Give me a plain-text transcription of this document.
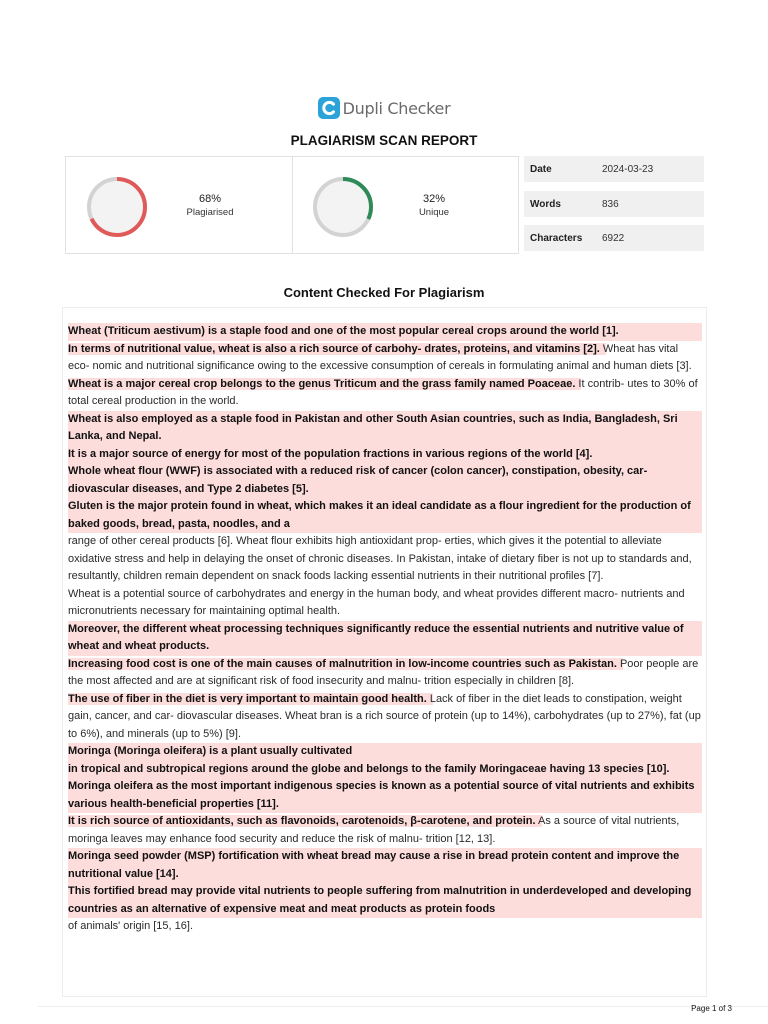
Dupli Checker
PLAGIARISM SCAN REPORT
68%
Plagiarised
32%
Unique
Date	2024-03-23
Words	836
Characters	6922
Content Checked For Plagiarism
Wheat (Triticum aestivum) is a staple food and one of the most popular cereal crops around the world [1].
In terms of nutritional value, wheat is also a rich source of carbohy- drates, proteins, and vitamins [2]. Wheat has vital eco- nomic and nutritional significance owing to the excessive consumption of cereals in formulating animal and human diets [3].
Wheat is a major cereal crop belongs to the genus Triticum and the grass family named Poaceae. It contrib- utes to 30% of total cereal production in the world.
Wheat is also employed as a staple food in Pakistan and other South Asian countries, such as India, Bangladesh, Sri Lanka, and Nepal.
It is a major source of energy for most of the population fractions in various regions of the world [4].
Whole wheat flour (WWF) is associated with a reduced risk of cancer (colon cancer), constipation, obesity, car- diovascular diseases, and Type 2 diabetes [5].
Gluten is the major protein found in wheat, which makes it an ideal candidate as a flour ingredient for the production of baked goods, bread, pasta, noodles, and a
range of other cereal products [6]. Wheat flour exhibits high antioxidant prop- erties, which gives it the potential to alleviate oxidative stress and help in delaying the onset of chronic diseases. In Pakistan, intake of dietary fiber is not up to standards and, resultantly, children remain dependent on snack foods lacking essential nutrients in their nutritional profiles [7].
Wheat is a potential source of carbohydrates and energy in the human body, and wheat provides different macro- nutrients and micronutrients necessary for maintaining optimal health.
Moreover, the different wheat processing techniques significantly reduce the essential nutrients and nutritive value of wheat and wheat products.
Increasing food cost is one of the main causes of malnutrition in low-income countries such as Pakistan. Poor people are the most affected and are at significant risk of food insecurity and malnu- trition especially in children [8].
The use of fiber in the diet is very important to maintain good health. Lack of fiber in the diet leads to constipation, weight gain, cancer, and car- diovascular diseases. Wheat bran is a rich source of protein (up to 14%), carbohydrates (up to 27%), fat (up to 6%), and minerals (up to 5%) [9].
Moringa (Moringa oleifera) is a plant usually cultivated
in tropical and subtropical regions around the globe and belongs to the family Moringaceae having 13 species [10].
Moringa oleifera as the most important indigenous species is known as a potential source of vital nutrients and exhibits various health-beneficial properties [11].
It is rich source of antioxidants, such as flavonoids, carotenoids, β-carotene, and protein. As a source of vital nutrients, moringa leaves may enhance food security and reduce the risk of malnu- trition [12, 13].
Moringa seed powder (MSP) fortification with wheat bread may cause a rise in bread protein content and improve the nutritional value [14].
This fortified bread may provide vital nutrients to people suffering from malnutrition in underdeveloped and developing countries as an alternative of expensive meat and meat products as protein foods
of animals' origin [15, 16].
Page 1 of 3
